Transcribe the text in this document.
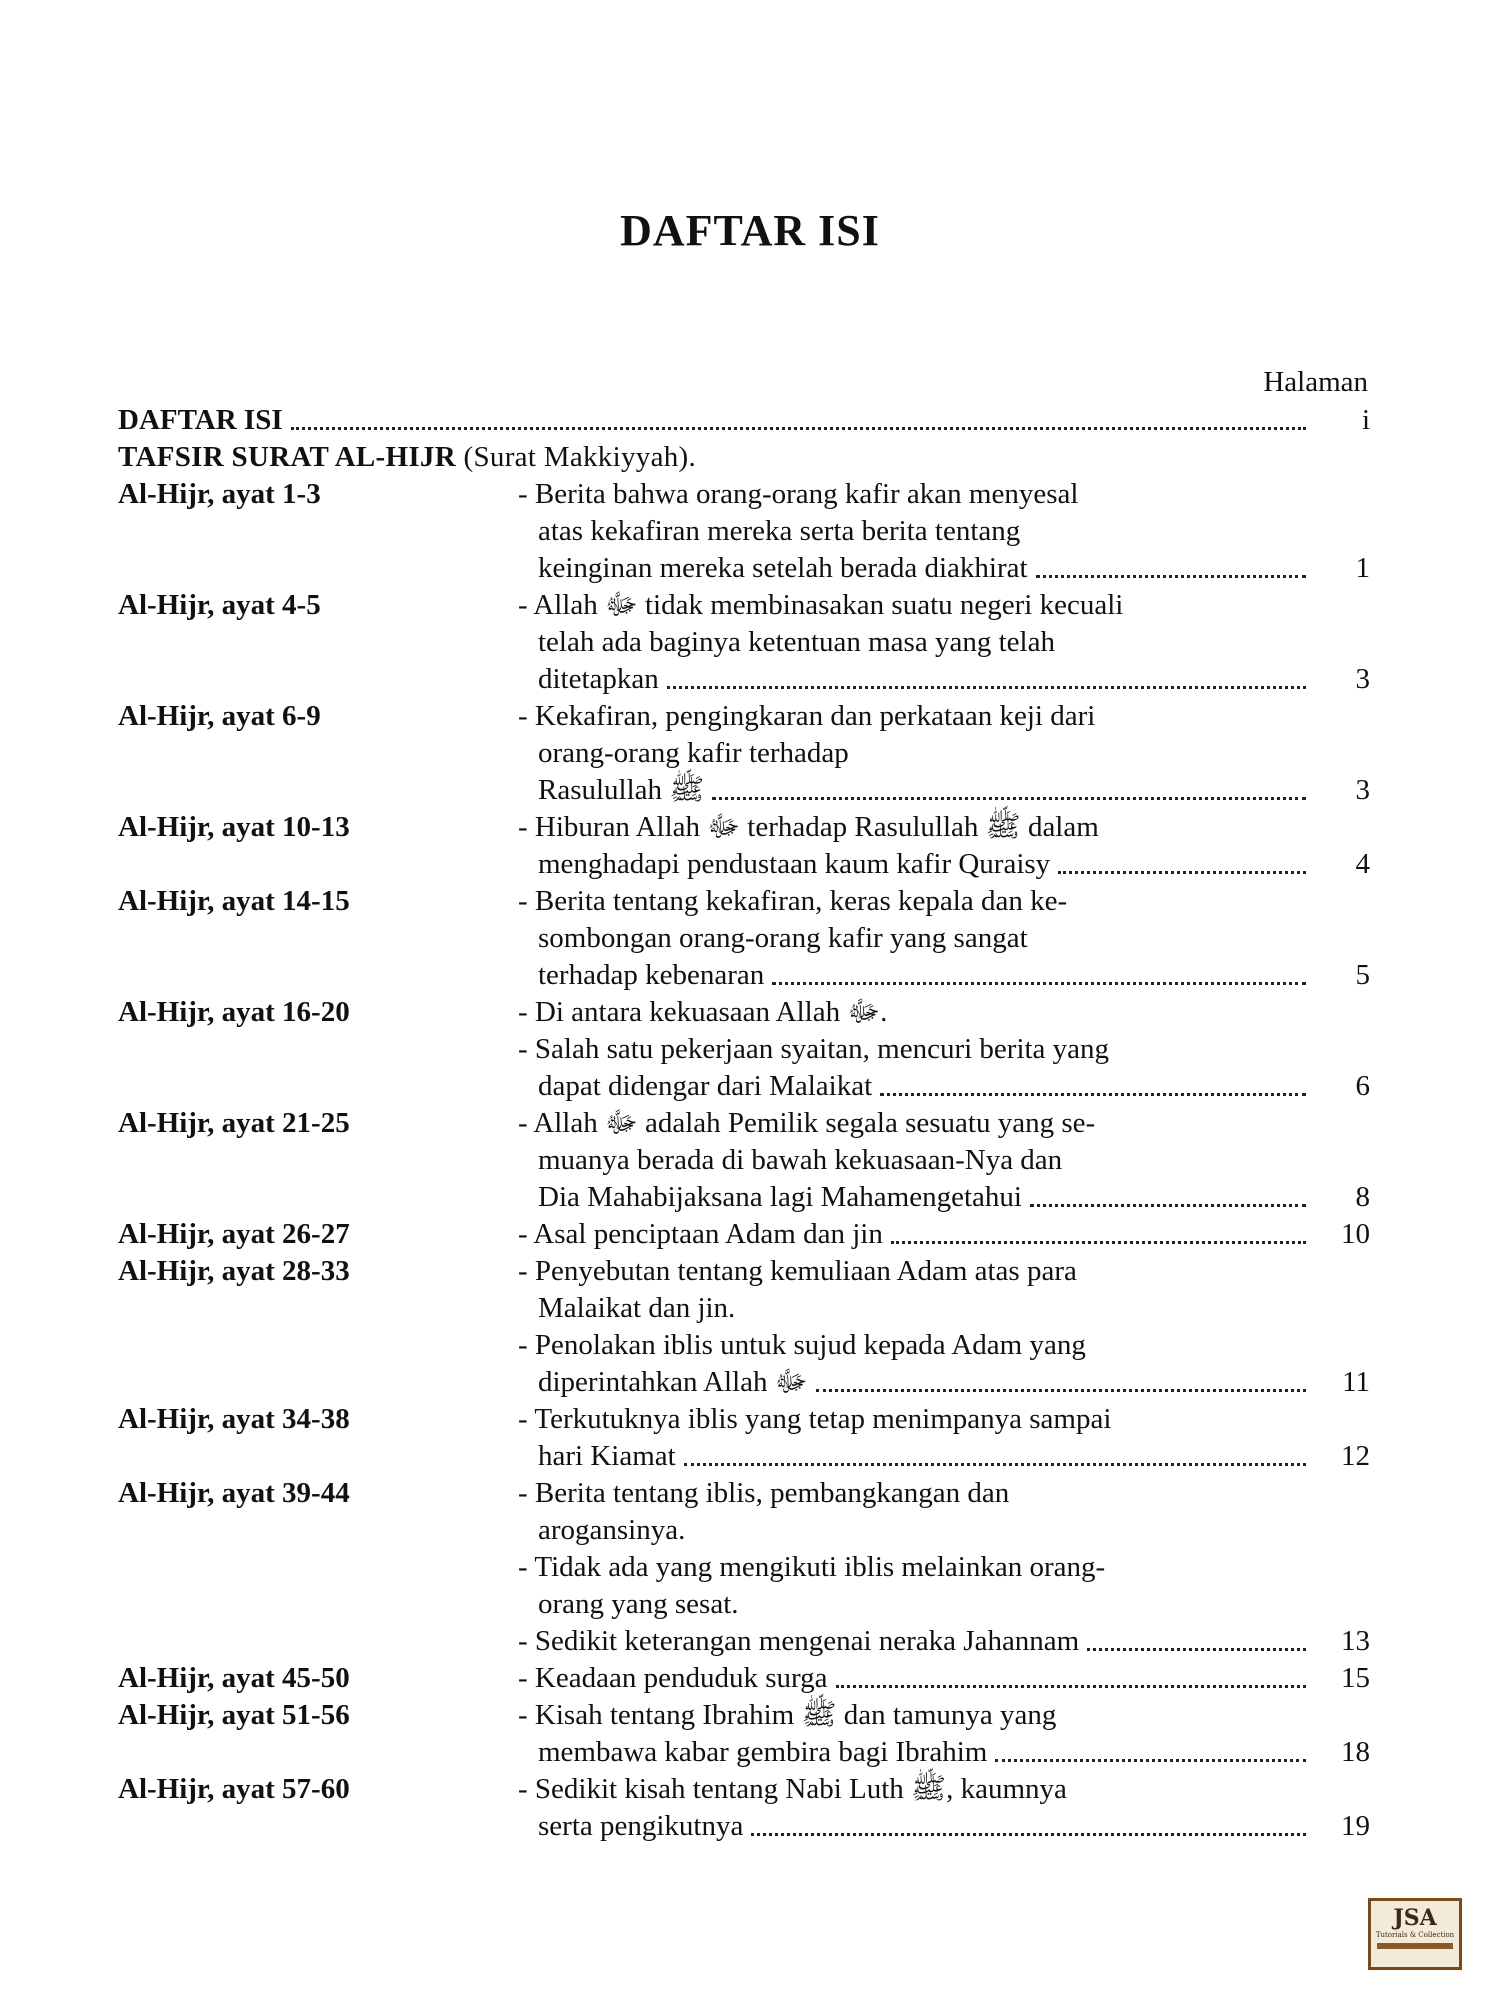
DAFTAR ISI
Halaman
DAFTAR ISI	i
TAFSIR SURAT AL-HIJR (Surat Makkiyyah).
Al-Hijr, ayat 1-3	- Berita bahwa orang-orang kafir akan menyesal
atas kekafiran mereka serta berita tentang
keinginan mereka setelah berada diakhirat	1
Al-Hijr, ayat 4-5	- Allah ﷻ tidak membinasakan suatu negeri kecuali
telah ada baginya ketentuan masa yang telah
ditetapkan	3
Al-Hijr, ayat 6-9	- Kekafiran, pengingkaran dan perkataan keji dari
orang-orang kafir terhadap
Rasulullah ﷺ	3
Al-Hijr, ayat 10-13	- Hiburan Allah ﷻ terhadap Rasulullah ﷺ dalam
menghadapi pendustaan kaum kafir Quraisy	4
Al-Hijr, ayat 14-15	- Berita tentang kekafiran, keras kepala dan ke-
sombongan orang-orang kafir yang sangat
terhadap kebenaran	5
Al-Hijr, ayat 16-20	- Di antara kekuasaan Allah ﷻ.
- Salah satu pekerjaan syaitan, mencuri berita yang
dapat didengar dari Malaikat	6
Al-Hijr, ayat 21-25	- Allah ﷻ adalah Pemilik segala sesuatu yang se-
muanya berada di bawah kekuasaan-Nya dan
Dia Mahabijaksana lagi Mahamengetahui	8
Al-Hijr, ayat 26-27	- Asal penciptaan Adam dan jin	10
Al-Hijr, ayat 28-33	- Penyebutan tentang kemuliaan Adam atas para
Malaikat dan jin.
- Penolakan iblis untuk sujud kepada Adam yang
diperintahkan Allah ﷻ	11
Al-Hijr, ayat 34-38	- Terkutuknya iblis yang tetap menimpanya sampai
hari Kiamat	12
Al-Hijr, ayat 39-44	- Berita tentang iblis, pembangkangan dan
arogansinya.
- Tidak ada yang mengikuti iblis melainkan orang-
orang yang sesat.
- Sedikit keterangan mengenai neraka Jahannam	13
Al-Hijr, ayat 45-50	- Keadaan penduduk surga	15
Al-Hijr, ayat 51-56	- Kisah tentang Ibrahim ﷺ dan tamunya yang
membawa kabar gembira bagi Ibrahim	18
Al-Hijr, ayat 57-60	- Sedikit kisah tentang Nabi Luth ﷺ, kaumnya
serta pengikutnya	19
JSA
Tutorials & Collection
